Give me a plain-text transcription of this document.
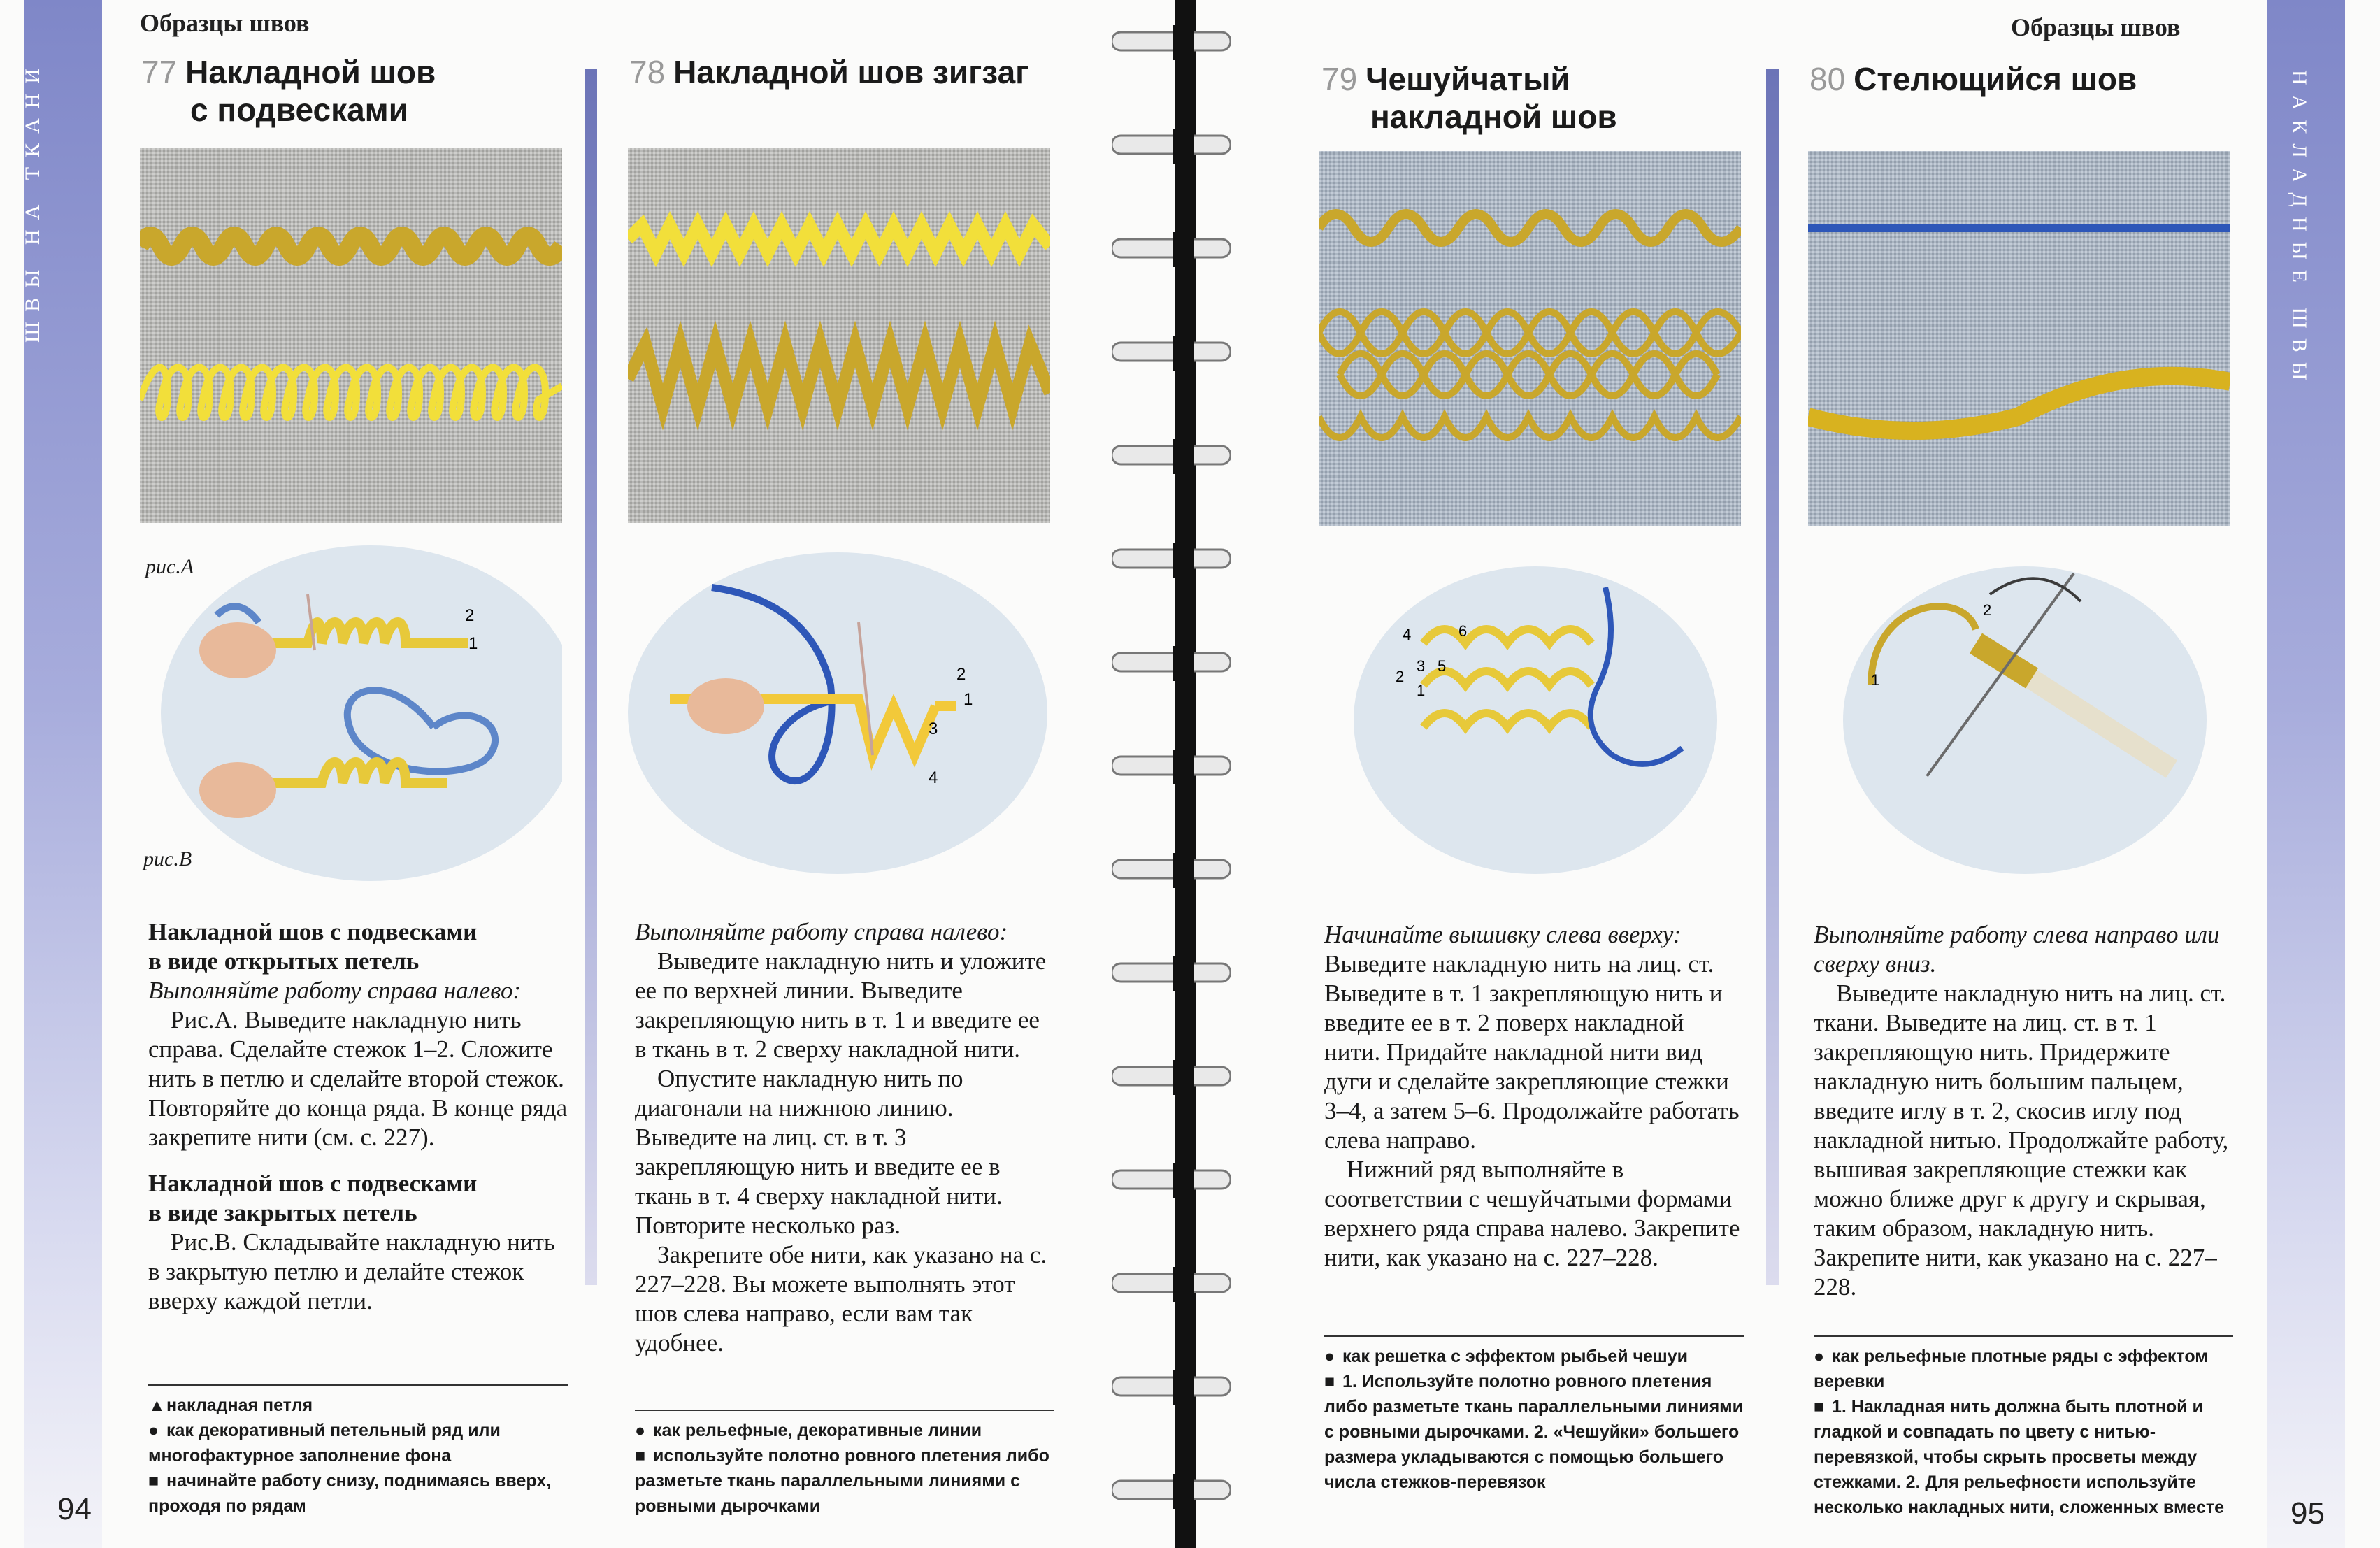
ШВЫ НА ТКАНИ	НАКЛАДНЫЕ ШВЫ
Образцы швов	Образцы швов
77 Накладной шов
с подвесками
2
1
рис.А
рис.В

Накладной шов с подвесками

в виде открытых петель

Выполняйте работу справа налево:

Рис.А. Выведите накладную нить справа. Сделайте стежок 1–2. Сложите нить в петлю и сделайте второй стежок. Повторяйте до конца ряда. В конце ряда закрепите нити (см. с. 227).

Накладной шов с подвесками

в виде закрытых петель

Рис.В. Складывайте накладную нить в закрытую петлю и делайте стежок вверху каждой петли.

▲накладная петля
● как декоративный петельный ряд или многофактурное заполнение фона
■ начинайте работу снизу, поднимаясь вверх, проходя по рядам
94
78 Накладной шов зигзаг
2
1
3
4

Выполняйте работу справа налево:

Выведите накладную нить и уложите ее по верхней линии. Выведите закрепляющую нить в т. 1 и введите ее в ткань в т. 2 сверху накладной нити.

Опустите накладную нить по диагонали на нижнюю линию. Выведите на лиц. ст. в т. 3 закрепляющую нить и введите ее в ткань в т. 4 сверху накладной нити. Повторите несколько раз.

Закрепите обе нити, как указано на с. 227–228. Вы можете выполнять этот шов слева направо, если вам так удобнее.

● как рельефные, декоративные линии
■ используйте полотно ровного плетения либо разметьте ткань параллельными линиями с ровными дырочками
79 Чешуйчатый
накладной шов
4	6
2
3 5
1

Начинайте вышивку слева вверху:

Выведите накладную нить на лиц. ст. Выведите в т. 1 закрепляющую нить и введите ее в т. 2 поверх накладной нити. Придайте накладной нити вид дуги и сделайте закрепляющие стежки 3–4, а затем 5–6. Продолжайте работать слева направо.

Нижний ряд выполняйте в соответствии с чешуйчатыми формами верхнего ряда справа налево. Закрепите нити, как указано на с. 227–228.

● как решетка с эффектом рыбьей чешуи
■ 1. Используйте полотно ровного плетения либо разметьте ткань параллельными линиями с ровными дырочками. 2. «Чешуйки» большего размера укладываются с помощью большего числа стежков-перевязок
80 Стелющийся шов
1
2

Выполняйте работу слева направо или сверху вниз.

Выведите накладную нить на лиц. ст. ткани. Выведите на лиц. ст. в т. 1 закрепляющую нить. Придержите накладную нить большим пальцем, введите иглу в т. 2, скосив иглу под накладной нитью. Продолжайте работу, вышивая закрепляющие стежки как можно ближе друг к другу и скрывая, таким образом, накладную нить. Закрепите нити, как указано на с. 227–228.

● как рельефные плотные ряды с эффектом веревки
■ 1. Накладная нить должна быть плотной и гладкой и совпадать по цвету с нитью-перевязкой, чтобы скрыть просветы между стежками. 2. Для рельефности используйте несколько накладных нити, сложенных вместе 95
